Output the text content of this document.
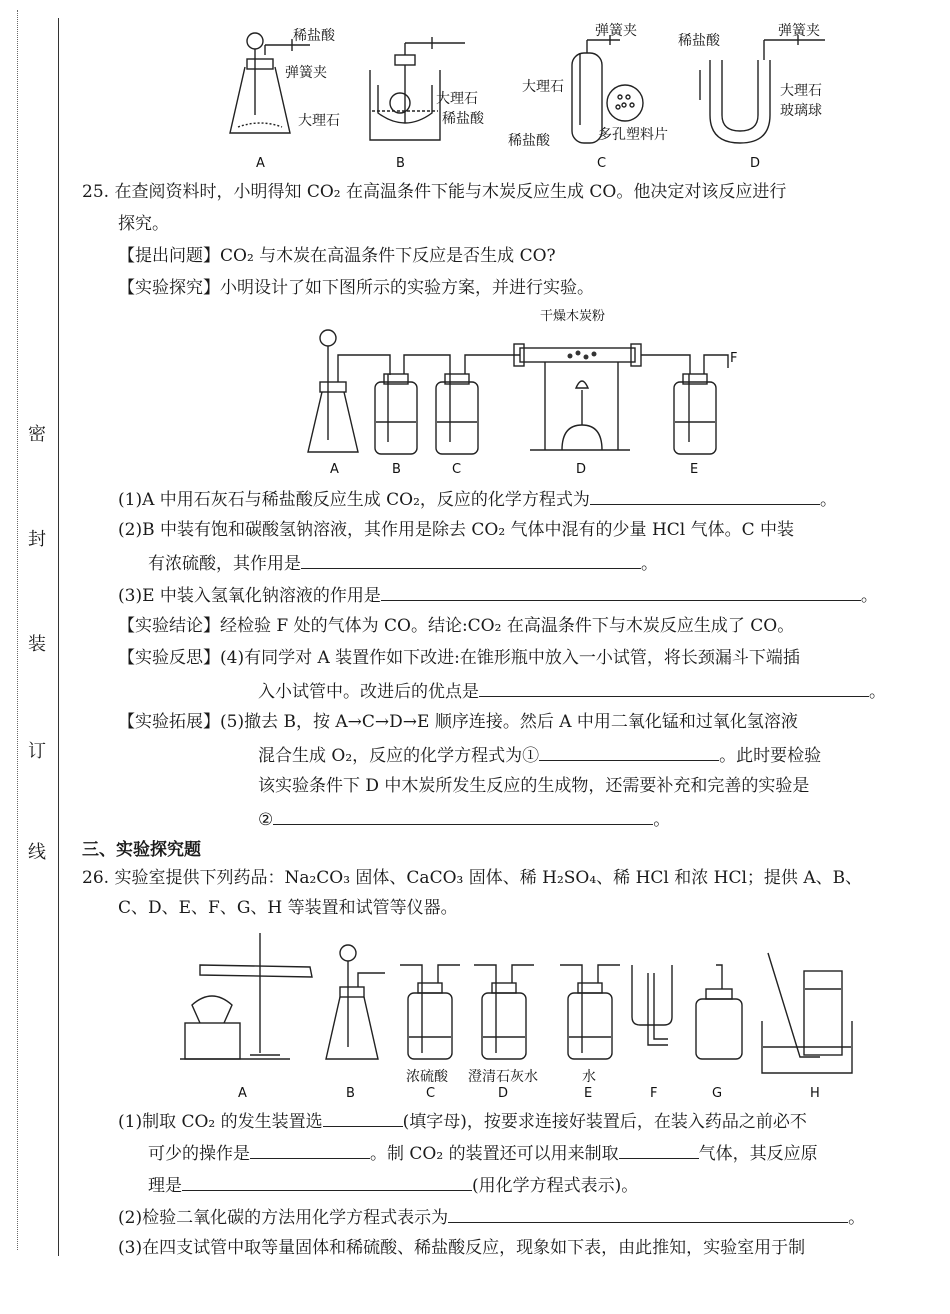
密
封
装
订
线
稀盐酸
弹簧夹
大理石
大理石
稀盐酸
弹簧夹
大理石
稀盐酸	多孔塑料片
稀盐酸
弹簧夹
大理石
玻璃球
A	B	C	D
25. 在查阅资料时，小明得知 CO₂ 在高温条件下能与木炭反应生成 CO。他决定对该反应进行
探究。
【提出问题】CO₂ 与木炭在高温条件下反应是否生成 CO?
【实验探究】小明设计了如下图所示的实验方案，并进行实验。
干燥木炭粉
F
A	B	C	D	E
(1)A 中用石灰石与稀盐酸反应生成 CO₂，反应的化学方程式为	。
(2)B 中装有饱和碳酸氢钠溶液，其作用是除去 CO₂ 气体中混有的少量 HCl 气体。C 中装
有浓硫酸，其作用是	。
(3)E 中装入氢氧化钠溶液的作用是	。
【实验结论】经检验 F 处的气体为 CO。结论:CO₂ 在高温条件下与木炭反应生成了 CO。
【实验反思】(4)有同学对 A 装置作如下改进:在锥形瓶中放入一小试管，将长颈漏斗下端插
入小试管中。改进后的优点是	。
【实验拓展】(5)撤去 B，按 A→C→D→E 顺序连接。然后 A 中用二氧化锰和过氧化氢溶液
混合生成 O₂，反应的化学方程式为①	。此时要检验
该实验条件下 D 中木炭所发生反应的生成物，还需要补充和完善的实验是
②	。
三、实验探究题
26. 实验室提供下列药品：Na₂CO₃ 固体、CaCO₃ 固体、稀 H₂SO₄、稀 HCl 和浓 HCl；提供 A、B、
C、D、E、F、G、H 等装置和试管等仪器。
A	B
浓硫酸
C
澄清石灰水
D
水
E	F	G	H
(1)制取 CO₂ 的发生装置选	(填字母)，按要求连接好装置后，在装入药品之前必不
可少的操作是	。制 CO₂ 的装置还可以用来制取	气体，其反应原
理是	(用化学方程式表示)。
(2)检验二氧化碳的方法用化学方程式表示为	。
(3)在四支试管中取等量固体和稀硫酸、稀盐酸反应，现象如下表，由此推知，实验室用于制
